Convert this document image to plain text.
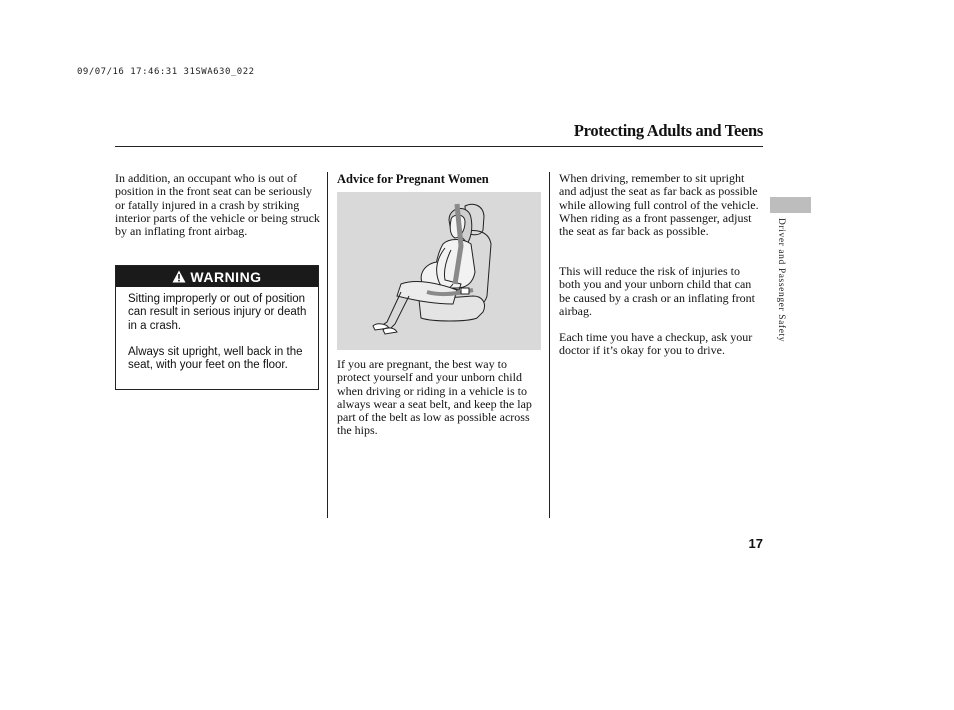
09/07/16 17:46:31 31SWA630_022
Protecting Adults and Teens
In addition, an occupant who is out of position in the front seat can be seriously or fatally injured in a crash by striking interior parts of the vehicle or being struck by an inflating front airbag.
WARNING

Sitting improperly or out of position can result in serious injury or death in a crash.

Always sit upright, well back in the seat, with your feet on the floor.

Advice for Pregnant Women
If you are pregnant, the best way to protect yourself and your unborn child when driving or riding in a vehicle is to always wear a seat belt, and keep the lap part of the belt as low as possible across the hips.
When driving, remember to sit upright and adjust the seat as far back as possible while allowing full control of the vehicle. When riding as a front passenger, adjust the seat as far back as possible.
This will reduce the risk of injuries to both you and your unborn child that can be caused by a crash or an inflating front airbag.
Each time you have a checkup, ask your doctor if it’s okay for you to drive.
Driver and Passenger Safety
17
